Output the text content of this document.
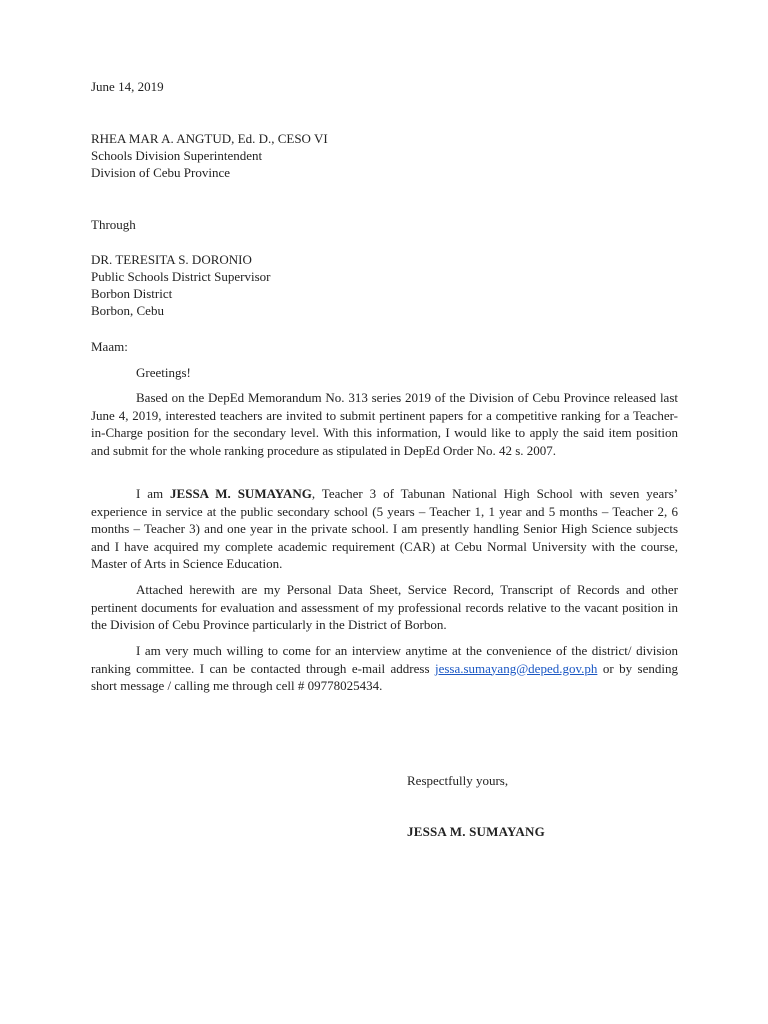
June 14, 2019
RHEA MAR A. ANGTUD, Ed. D., CESO VI
Schools Division Superintendent
Division of Cebu Province
Through
DR. TERESITA S. DORONIO
Public Schools District Supervisor
Borbon District
Borbon, Cebu
Maam:
Greetings!
Based on the DepEd Memorandum No. 313 series 2019 of the Division of Cebu Province released last June 4, 2019, interested teachers are invited to submit pertinent papers for a competitive ranking for a Teacher-in-Charge position for the secondary level. With this information, I would like to apply the said item position and submit for the whole ranking procedure as stipulated in DepEd Order No. 42 s. 2007.
I am JESSA M. SUMAYANG, Teacher 3 of Tabunan National High School with seven years’ experience in service at the public secondary school (5 years – Teacher 1, 1 year and 5 months – Teacher 2, 6 months – Teacher 3) and one year in the private school. I am presently handling Senior High Science subjects and I have acquired my complete academic requirement (CAR) at Cebu Normal University with the course, Master of Arts in Science Education.
Attached herewith are my Personal Data Sheet, Service Record, Transcript of Records and other pertinent documents for evaluation and assessment of my professional records relative to the vacant position in the Division of Cebu Province particularly in the District of Borbon.
I am very much willing to come for an interview anytime at the convenience of the district/ division ranking committee. I can be contacted through e-mail address jessa.sumayang@deped.gov.ph or by sending short message / calling me through cell # 09778025434.
Respectfully yours,
JESSA M. SUMAYANG
